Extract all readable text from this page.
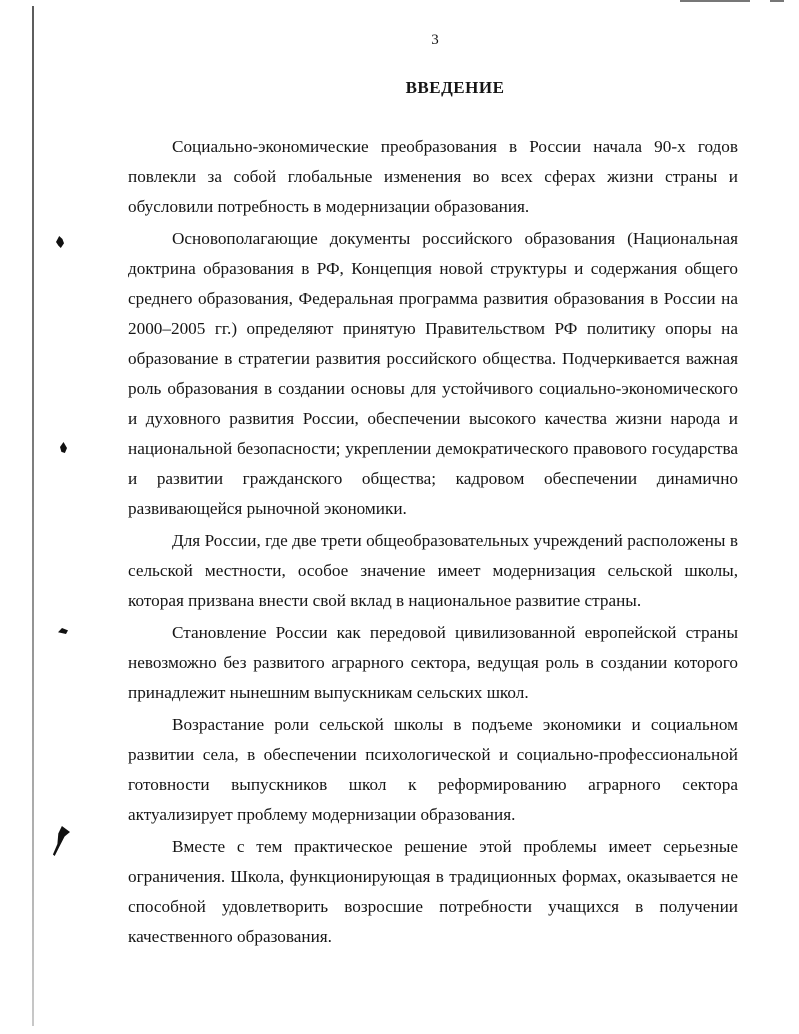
3
ВВЕДЕНИЕ

Социально-экономические преобразования в России начала 90-х годов повлекли за собой глобальные изменения во всех сферах жизни страны и обусловили потребность в модернизации образования.

Основополагающие документы российского образования (Национальная доктрина образования в РФ, Концепция новой структуры и содержания общего среднего образования, Федеральная программа развития образования в России на 2000–2005 гг.) определяют принятую Правительством РФ политику опоры на образование в стратегии развития российского общества. Подчеркивается важная роль образования в создании основы для устойчивого социально-экономического и духовного развития России, обеспечении высокого качества жизни народа и национальной безопасности; укреплении демократического правового государства и развитии гражданского общества; кадровом обеспечении динамично развивающейся рыночной экономики.

Для России, где две трети общеобразовательных учреждений расположены в сельской местности, особое значение имеет модернизация сельской школы, которая призвана внести свой вклад в национальное развитие страны.

Становление России как передовой цивилизованной европейской страны невозможно без развитого аграрного сектора, ведущая роль в создании которого принадлежит нынешним выпускникам сельских школ.

Возрастание роли сельской школы в подъеме экономики и социальном развитии села, в обеспечении психологической и социально-профессиональной готовности выпускников школ к реформированию аграрного сектора актуализирует проблему модернизации образования.

Вместе с тем практическое решение этой проблемы имеет серьезные ограничения. Школа, функционирующая в традиционных формах, оказывается не способной удовлетворить возросшие потребности учащихся в получении качественного образования.
